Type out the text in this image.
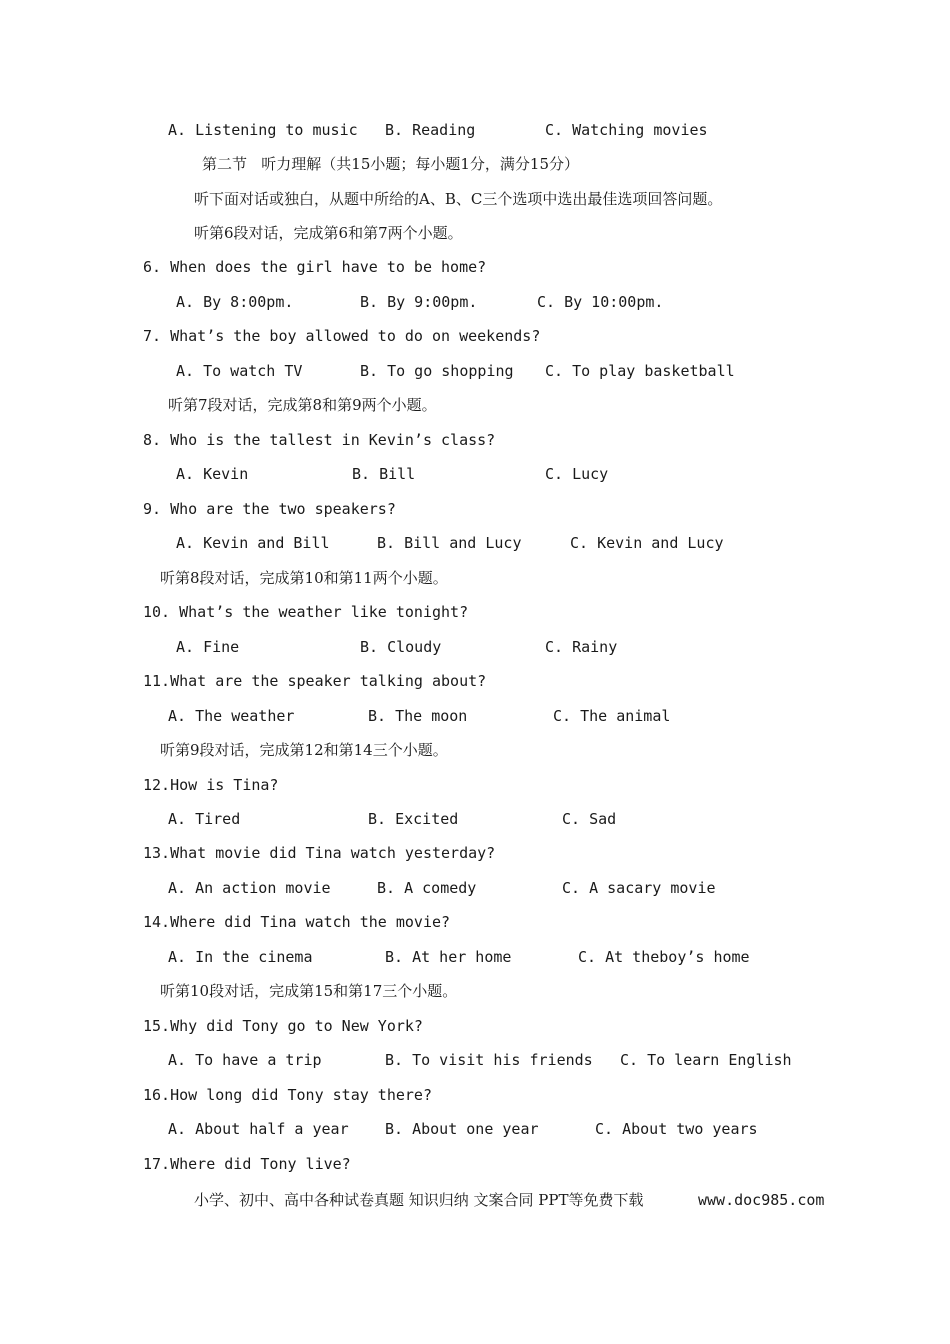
A. Listening to music B. Reading	C. Watching movies
第二节   听力理解（共15小题；每小题1分，满分15分）
听下面对话或独白，从题中所给的A、B、C三个选项中选出最佳选项回答问题。
听第6段对话，完成第6和第7两个小题。
6. When does the girl have to be home?
A. By 8:00pm.	B. By 9:00pm.	C. By 10:00pm.
7. What’s the boy allowed to do on weekends?
A. To watch TV	B. To go shopping C. To play basketball
听第7段对话，完成第8和第9两个小题。
8. Who is the tallest in Kevin’s class?
A. Kevin	B. Bill	C. Lucy
9. Who are the two speakers?
A. Kevin and Bill	B. Bill and Lucy	C. Kevin and Lucy
听第8段对话，完成第10和第11两个小题。
10. What’s the weather like tonight?
A. Fine	B. Cloudy	C. Rainy
11.What are the speaker talking about?
A. The weather	B. The moon	C. The animal
听第9段对话，完成第12和第14三个小题。
12.How is Tina?
A. Tired	B. Excited	C. Sad
13.What movie did Tina watch yesterday?
A. An action movie	B. A comedy	C. A sacary movie
14.Where did Tina watch the movie?
A. In the cinema	B. At her home	C. At theboy’s home
听第10段对话，完成第15和第17三个小题。
15.Why did Tony go to New York?
A. To have a trip	B. To visit his friends C. To learn English
16.How long did Tony stay there?
A. About half a year B. About one year	C. About two years
17.Where did Tony live?
小学、初中、高中各种试卷真题 知识归纳 文案合同 PPT等免费下载	www.doc985.com
